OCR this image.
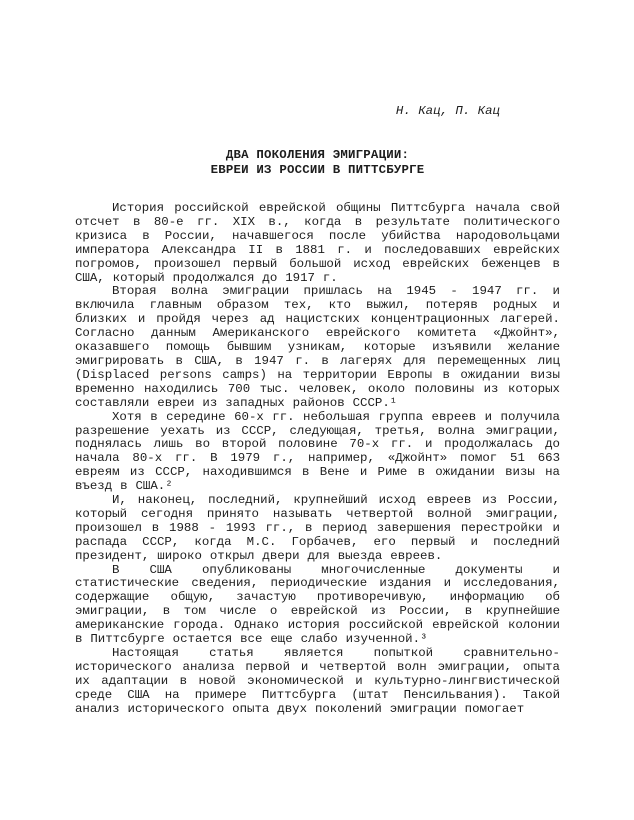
Н. Кац, П. Кац
ДВА ПОКОЛЕНИЯ ЭМИГРАЦИИ:
ЕВРЕИ ИЗ РОССИИ В ПИТТСБУРГЕ

История российской еврейской общины Питтсбурга начала свой отсчет в 80-е гг. XIX в., когда в результате политического кризиса в России, начавшегося после убийства народовольцами императора Александра II в 1881 г. и последовавших еврейских погромов, произошел первый большой исход еврейских беженцев в США, который продолжался до 1917 г.

Вторая волна эмиграции пришлась на 1945 - 1947 гг. и включила главным образом тех, кто выжил, потеряв родных и близких и пройдя через ад нацистских концентрационных лагерей. Согласно данным Американского еврейского комитета «Джойнт», оказавшего помощь бывшим узникам, которые изъявили желание эмигрировать в США, в 1947 г. в лагерях для перемещенных лиц (Displaced persons camps) на территории Европы в ожидании визы временно находились 700 тыс. человек, около половины из которых составляли евреи из западных районов СССР.¹

Хотя в середине 60-х гг. небольшая группа евреев и получила разрешение уехать из СССР, следующая, третья, волна эмиграции, поднялась лишь во второй половине 70-х гг. и продолжалась до начала 80-х гг. В 1979 г., например, «Джойнт» помог 51 663 евреям из СССР, находившимся в Вене и Риме в ожидании визы на въезд в США.²

И, наконец, последний, крупнейший исход евреев из России, который сегодня принято называть четвертой волной эмиграции, произошел в 1988 - 1993 гг., в период завершения перестройки и распада СССР, когда М.С. Горбачев, его первый и последний президент, широко открыл двери для выезда евреев.

В США опубликованы многочисленные документы и статистические сведения, периодические издания и исследования, содержащие общую, зачастую противоречивую, информацию об эмиграции, в том числе о еврейской из России, в крупнейшие американские города. Однако история российской еврейской колонии в Питтсбурге остается все еще слабо изученной.³

Настоящая статья является попыткой сравнительно-исторического анализа первой и четвертой волн эмиграции, опыта их адаптации в новой экономической и культурно-лингвистической среде США на примере Питтсбурга (штат Пенсильвания). Такой анализ исторического опыта двух поколений эмиграции помогает
